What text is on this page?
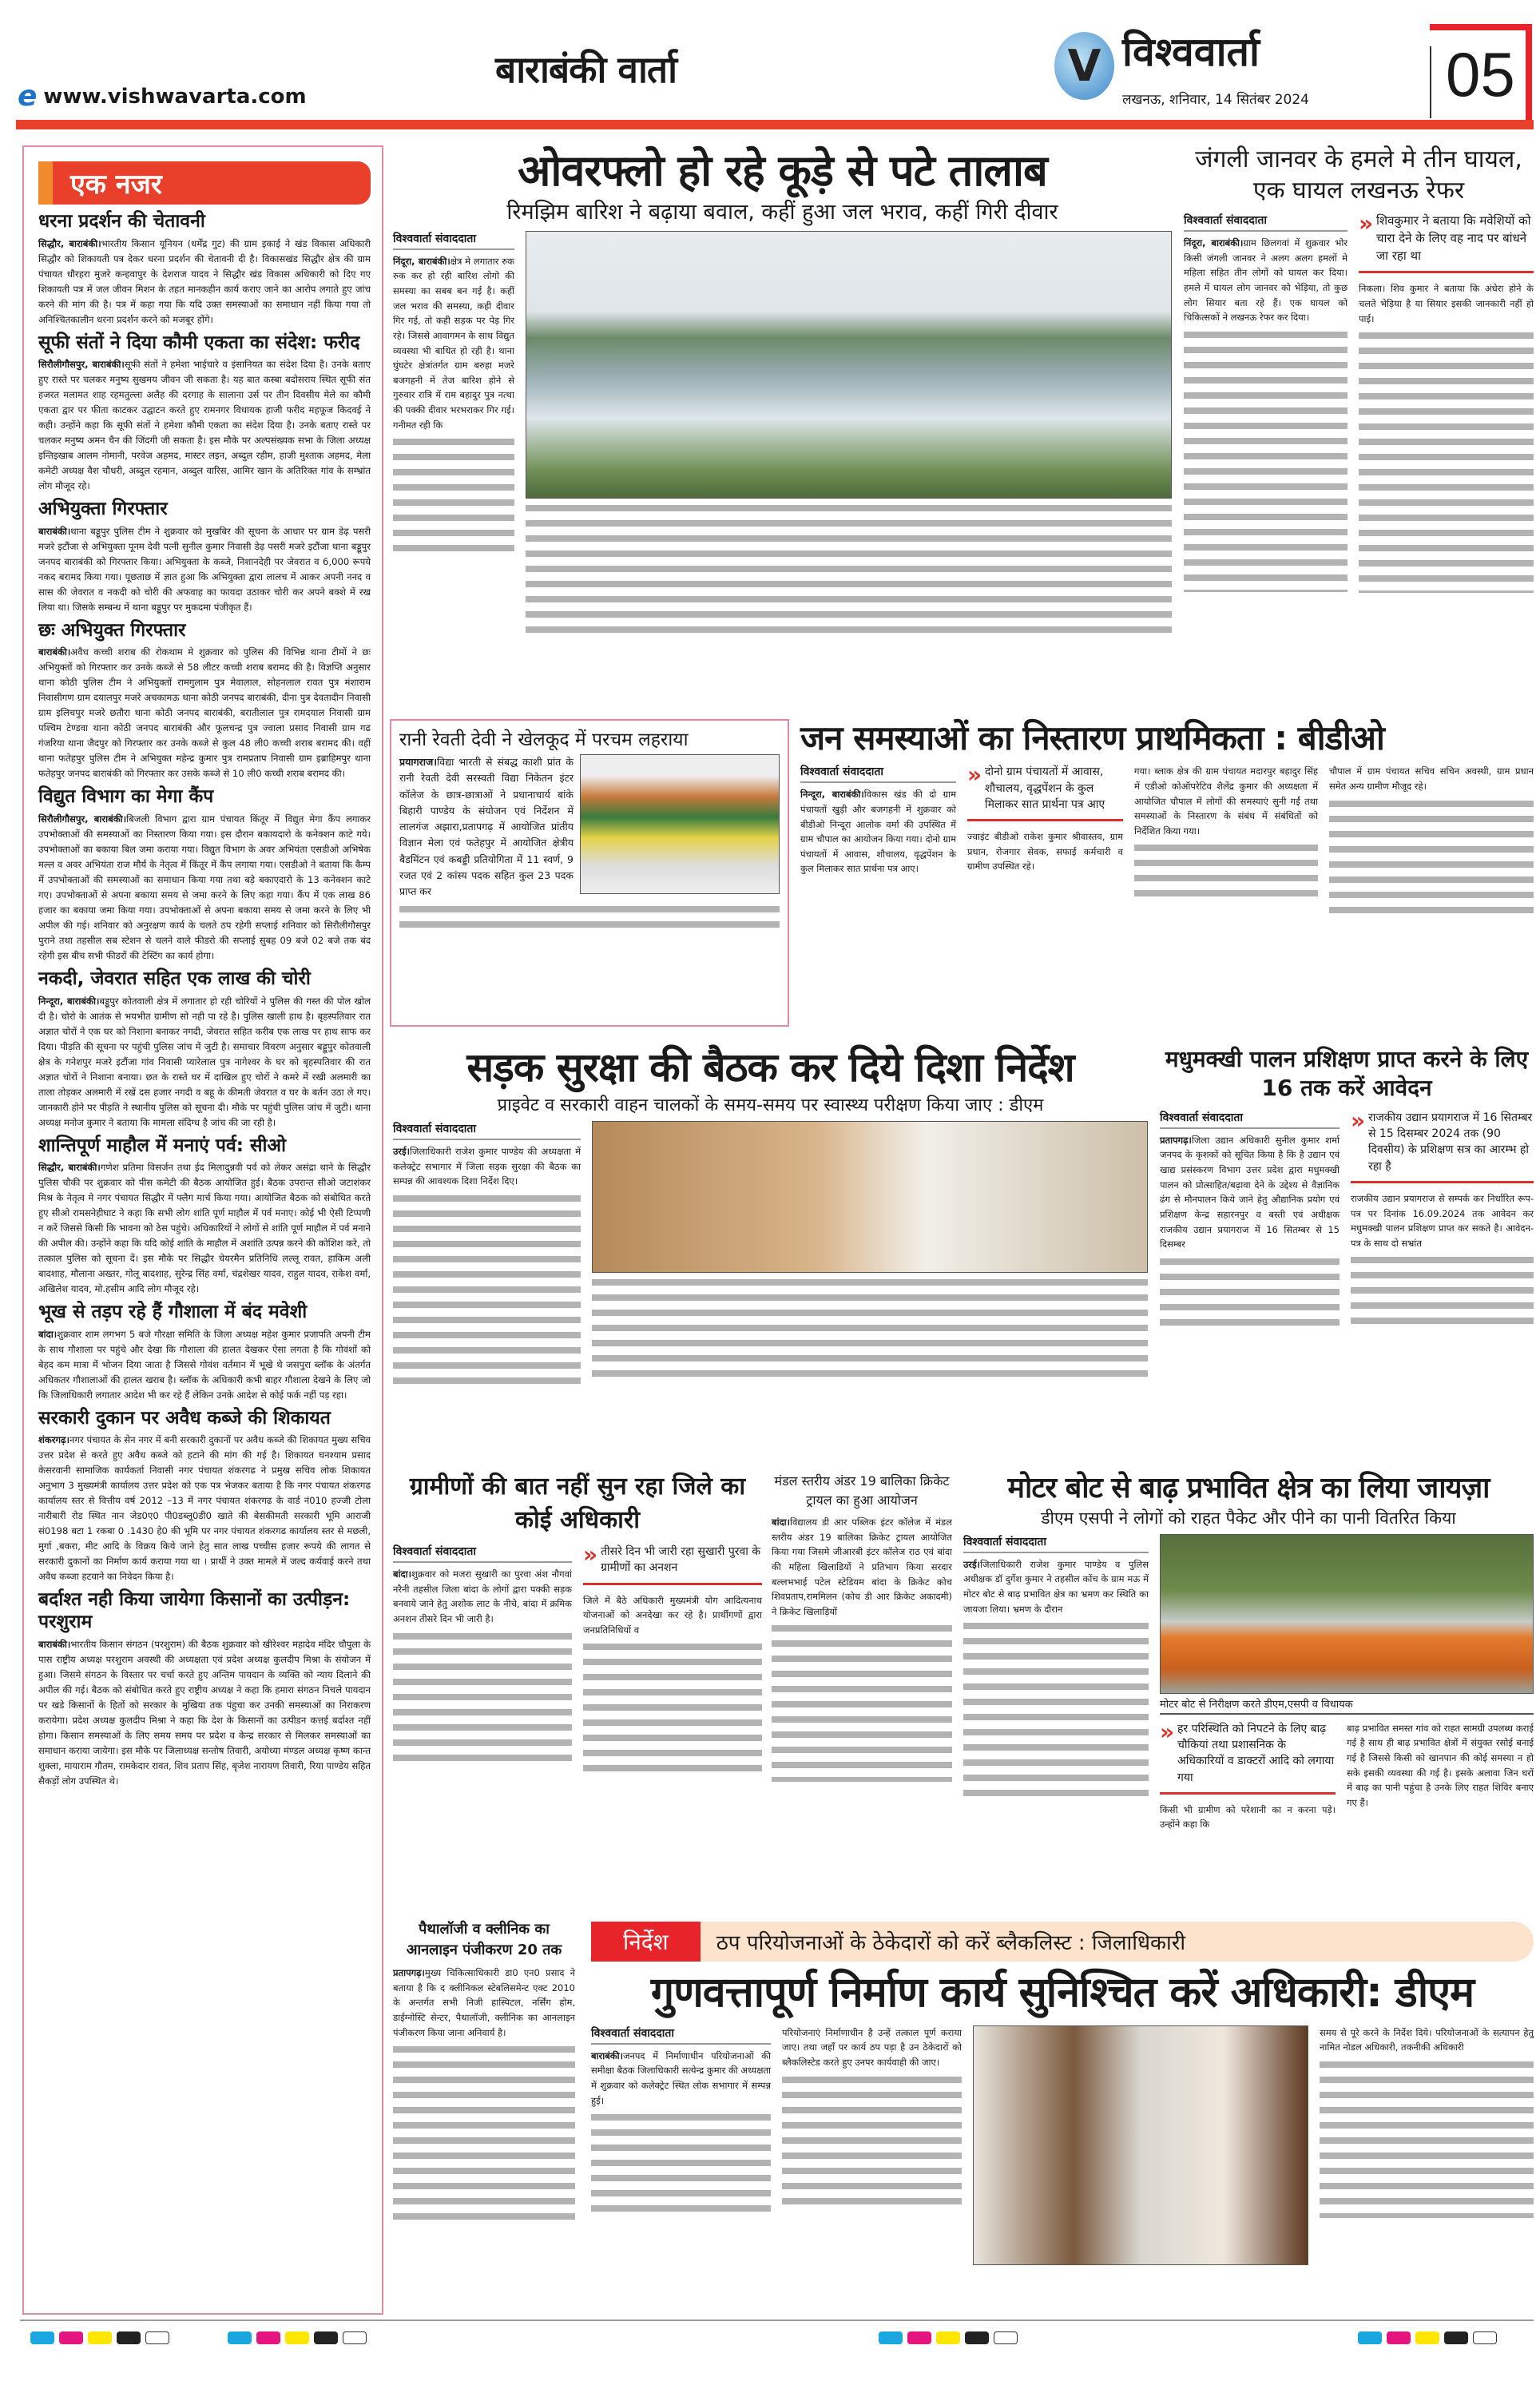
e www.vishwavarta.com
बाराबंकी वार्ता	V विश्ववार्ता
लखनऊ, शनिवार, 14 सितंबर 2024 05
एक नजर
धरना प्रदर्शन की चेतावनी
सिद्धौर, बाराबंकी।भारतीय किसान यूनियन (धर्मेंद्र गुट) की ग्राम इकाई ने खंड विकास अधिकारी सिद्धौर को शिकायती पत्र देकर धरना प्रदर्शन की चेतावनी दी है। विकासखंड सिद्धौर क्षेत्र की ग्राम पंचायत धौरहरा मुजरे कन्हवापुर के देशराज यादव ने सिद्धौर खंड विकास अधिकारी को दिए गए शिकायती पत्र में जल जीवन मिशन के तहत मानकहीन कार्य कराए जाने का आरोप लगाते हुए जांच करने की मांग की है। पत्र में कहा गया कि यदि उक्त समस्याओं का समाधान नहीं किया गया तो अनिश्चितकालीन धरना प्रदर्शन करने को मजबूर होंगे।
सूफी संतों ने दिया कौमी एकता का संदेश: फरीद
सिरौलीगौसपुर, बाराबंकी।सूफी संतों ने हमेशा भाईचारे व इंसानियत का संदेश दिया है। उनके बताए हुए रास्ते पर चलकर मनुष्य सुखमय जीवन जी सकता है। यह बात कस्बा बदोसराय स्थित सूफी संत हजरत मलामत शाह रहमतुल्ला अलैह की दरगाह के सालाना उर्स पर तीन दिवसीय मेले का कौमी एकता द्वार पर फीता काटकर उद्घाटन करते हुए रामनगर विधायक हाजी फरीद महफूज किदवई ने कही। उन्होंने कहा कि सूफी संतों ने हमेशा कौमी एकता का संदेश दिया है। उनके बताए रास्ते पर चलकर मनुष्य अमन चैन की जिंदगी जी सकता है। इस मौके पर अल्पसंख्यक सभा के जिला अध्यक्ष इन्तिइखाब आलम नोमानी, परवेज अहमद, मास्टर लइन, अब्दुल रहीम, हाजी मुश्ताक अहमद, मेला कमेटी अध्यक्ष वैश चौधरी, अब्दुल रहमान, अब्दुल वारिस, आमिर खान के अतिरिक्त गांव के सम्भ्रांत लोग मौजूद रहे।
अभियुक्ता गिरफ्तार
बाराबंकी।थाना बड्डूपुर पुलिस टीम ने शुक्रवार को मुखबिर की सूचना के आधार पर ग्राम डेढ़ पसरी मजरे इटौंजा से अभियुक्ता पूनम देवी पत्नी सुनील कुमार निवासी डेढ़ पसरी मजरे इटौंजा थाना बड्डूपुर जनपद बाराबंकी को गिरफ्तार किया। अभियुक्ता के कब्जे, निशानदेही पर जेवरात व 6,000 रूपये नकद बरामद किया गया। पूछताछ में ज्ञात हुआ कि अभियुक्ता द्वारा लालच में आकर अपनी ननद व सास की जेवरात व नकदी को चोरी की अफवाह का फायदा उठाकर चोरी कर अपने बक्शे में रख लिया था। जिसके सम्बन्ध में थाना बड्डूपुर पर मुकदमा पंजीकृत हैं।
छः अभियुक्त गिरफ्तार
बाराबंकी।अवैध कच्ची शराब की रोकथाम मे शुक्रवार को पुलिस की विभिन्न थाना टीमों ने छः अभियुक्तों को गिरफ्तार कर उनके कब्जे से 58 लीटर कच्ची शराब बरामद की है। विज्ञप्ति अनुसार थाना कोठी पुलिस टीम ने अभियुक्तों रामगुलाम पुत्र मेवालाल, सोहनलाल रावत पुत्र मंशाराम निवासीगण ग्राम दयालपुर मजरे अचकामऊ थाना कोठी जनपद बाराबंकी, दीना पुत्र देवतादीन निवासी ग्राम इलिचपुर मजरे छतौरा थाना कोठी जनपद बाराबंकी, बरातीलाल पुत्र रामदयाल निवासी ग्राम पश्चिम टेण्डवा थाना कोठी जनपद बाराबंकी और फूलचन्द्र पुत्र ज्वाला प्रसाद निवासी ग्राम गढ गंजरिया थाना जैदपुर को गिरफ्तार कर उनके कब्जे से कुल 48 ली0 कच्ची शराब बरामद की। वहीं थाना फतेहपुर पुलिस टीम ने अभियुक्त महेन्द्र कुमार पुत्र रामप्रताप निवासी ग्राम इब्राहिमपुर थाना फतेहपुर जनपद बाराबंकी को गिरफ्तार कर उसके कब्जे से 10 ली0 कच्ची शराब बरामद की।
विद्युत विभाग का मेगा कैंप
सिरौलीगौसपुर, बाराबंकी।बिजली विभाग द्वारा ग्राम पंचायत किंतूर में विद्युत मेगा कैंप लगाकर उपभोक्ताओं की समस्याओं का निस्तारण किया गया। इस दौरान बकायदारो के कनेक्शन काटे गये। उपभोक्ताओं का बकाया बिल जमा कराया गया। विद्युत विभाग के अवर अभियंता एसडीओ अभिषेक मल्ल व अवर अभियंता राज मौर्य के नेतृत्व में किंतूर में कैंप लगाया गया। एसडीओ ने बताया कि कैम्प में उपभोक्ताओं की समस्याओं का समाधान किया गया तथा बड़े बकाएदारो के 13 कनेक्शन काटे गए। उपभोक्ताओं से अपना बकाया समय से जमा करने के लिए कहा गया। कैंप में एक लाख 86 हजार का बकाया जमा किया गया। उपभोक्ताओं से अपना बकाया समय से जमा करने के लिए भी अपील की गई। शनिवार को अनुरक्षण कार्य के चलते ठप रहेगी सप्लाई शनिवार को सिरौलीगौसपुर पुराने तथा तहसील सब स्टेशन से चलने वाले फीडरो की सप्लाई सुबह 09 बजे 02 बजे तक बंद रहेगी इस बीच सभी फीडरों की टेस्टिंग का कार्य होगा।
नकदी, जेवरात सहित एक लाख की चोरी
निन्दूरा, बाराबंकी।बड्डूपुर कोतवाली क्षेत्र में लगातार हो रही चोरियों ने पुलिस की गस्त की पोल खोल दी है। चोरो के आतंक से भयभीत ग्रामीण सो नही पा रहे है। पुलिस खाली हाथ है। बृहस्पतिवार रात अज्ञात चोरों ने एक घर को निशाना बनाकर नगदी, जेवरात सहित करीब एक लाख पर हाथ साफ कर दिया। पीड़ति की सूचना पर पहुंची पुलिस जांच में जुटी है। समाचार विवरण अनुसार बड्डूपुर कोतवाली क्षेत्र के गनेशपुर मजरे इटौंजा गांव निवासी प्यारेलाल पुत्र नागेश्वर के घर को बृहस्पतिवार की रात अज्ञात चोरों ने निशाना बनाया। छत के रास्ते घर में दाखिल हुए चोरों ने कमरे में रखी अलमारी का ताला तोड़कर अलमारी में रखें दस हजार नगदी व बहू के कीमती जेवरात व घर के बर्तन उठा ले गए। जानकारी होने पर पीड़ति ने स्थानीय पुलिस को सूचना दी। मौके पर पहुंची पुलिस जांच में जुटी। थाना अध्यक्ष मनोज कुमार ने बताया कि मामला संदिग्ध है जांच की जा रही है।
शान्तिपूर्ण माहौल में मनाएं पर्व: सीओ
सिद्धौर, बाराबंकी।गणेश प्रतिमा विसर्जन तथा ईद मिलादुन्नवी पर्व को लेकर असंद्रा थाने के सिद्धौर पुलिस चौकी पर शुक्रवार को पीस कमेटी की बैठक आयोजित हुई। बैठक उपरान्त सीओ जटाशंकर मिश्र के नेतृत्व मे नगर पंचायत सिद्धौर में फ्लैग मार्च किया गया। आयोजित बैठक को संबोधित करते हुए सीओ रामसनेहीघाट ने कहा कि सभी लोग शांति पूर्ण माहौल में पर्व मनाए। कोई भी ऐसी टिप्पणी न करें जिससे किसी कि भावना को ठेस पहुंचे। अधिकारियों ने लोगों से शांति पूर्ण माहौल में पर्व मनाने की अपील की। उन्होंने कहा कि यदि कोई शांति के माहौल में अशांति उत्पन्न करने की कोशिश करे, तो तत्काल पुलिस को सूचना दें। इस मौके पर सिद्धौर चेयरमैन प्रतिनिधि लल्लू रावत, हाकिम अली बादशाह, मौलाना अख्तर, गोलू बादशाह, सुरेन्द्र सिंह वर्मा, चंद्रशेखर यादव, राहुल यादव, राकेश वर्मा, अखिलेश यादव, मो.हसीम आदि लोग मौजूद रहे।
भूख से तड़प रहे हैं गौशाला में बंद मवेशी
बांदा।शुक्रवार शाम लगभग 5 बजे गौरक्षा समिति के जिला अध्यक्ष महेश कुमार प्रजापति अपनी टीम के साथ गौशाला पर पहुंचे और देखा कि गौशाला की हालत देखकर ऐसा लगता है कि गोवंशों को बेहद कम मात्रा में भोजन दिया जाता है जिससे गोवंश वर्तमान में भूखे थे जसपुरा ब्लॉक के अंतर्गत अधिकतर गौशालाओं की हालत खराब है। ब्लॉक के अधिकारी कभी बाहर गौशाला देखने के लिए जो कि जिलाधिकारी लगातार आदेश भी कर रहे हैं लेकिन उनके आदेश से कोई फर्क नहीं पड़ रहा।
सरकारी दुकान पर अवैध कब्जे की शिकायत
शंकरगढ़।नगर पंचायत के सेन नगर में बनी सरकारी दुकानों पर अवैध कब्जे की शिकायत मुख्य सचिव उत्तर प्रदेश से करते हुए अवैध कब्जे को हटाने की मांग की गई है। शिकायत घनश्याम प्रसाद केसरवानी सामाजिक कार्यकर्ता निवासी नगर पंचायत शंकरगढ ने प्रमुख सचिव लोक शिकायत अनुभाग 3 मुख्यमंत्री कार्यालय उत्तर प्रदेश को एक पत्र भेजकर बताया है कि नगर पंचायत शंकरगढ कार्यालय स्तर से वित्तीय वर्ष 2012 –13 में नगर पंचायत शंकरगढ के वार्ड नं010 हज्जी टोला नारीबारी रोड स्थित नान जेड0ए0 पी0डब्लू0डी0 खाते की बेसकीमती सरकारी भूमि आराजी सं0198 बटा 1 रकबा 0 .1430 हे0 की भूमि पर नगर पंचायत शंकरगढ कार्यालय स्तर से मछली, मुर्गा ,बकरा, मीट आदि के विक्रय किये जाने हेतु सात लाख पच्चीस हजार रूपये की लागत से सरकारी दुकानों का निर्माण कार्य कराया गया था । प्रार्थी ने उक्त मामले में जल्द कर्यवाई करने तथा अवैध कब्जा हटवाने का निवेदन किया है।
बर्दाश्त नही किया जायेगा किसानों का उत्पीड़न: परशुराम
बाराबंकी।भारतीय किसान संगठन (परशुराम) की बैठक शुक्रवार को खीरेश्वर महादेव मंदिर चौपुला के पास राष्ट्रीय अध्यक्ष परशुराम अवस्थी की अध्यक्षता एवं प्रदेश अध्यक्ष कुलदीप मिश्रा के संयोजन में हुआ। जिसमे संगठन के विस्तार पर चर्चा करते हुए अन्तिम पायदान के व्यक्ति को न्याय दिलाने की अपील की गई। बैठक को संबोधित करते हुए राष्ट्रीय अध्यक्ष ने कहा कि हमारा संगठन निचले पायदान पर खडे किसानों के हितों को सरकार के मुखिया तक पंहुचा कर उनकी समस्याओं का निराकरण करायेगा। प्रदेश अध्यक्ष कुलदीप मिश्रा ने कहा कि देश के किसानों का उत्पीडन कत्तई बर्दाश्त नहीं होगा। किसान समस्याओं के लिए समय समय पर प्रदेश व केन्द्र सरकार से मिलकर समस्याओं का समाधान कराया जायेगा। इस मौके पर जिलाध्यक्ष सन्तोष तिवारी, अयोध्या मंण्डल अध्यक्ष कृष्ण कान्त शुक्ला, मायाराम गौतम, रामकेदार रावत, शिव प्रताप सिंह, बृजेश नारायण तिवारी, रिया पाण्डेय सहित सैकड़ों लोग उपस्थित थे।
ओवरफ्लो हो रहे कूड़े से पटे तालाब
रिमझिम बारिश ने बढ़ाया बवाल, कहीं हुआ जल भराव, कहीं गिरी दीवार
विश्ववार्ता संवाददाता
निंदूरा, बाराबंकी।क्षेत्र मे लगातार रुक रुक कर हो रही बारिश लोगो की समस्या का सबब बन गई है। कहीं जल भराव की समस्या, कही दीवार गिर गई, तो कही सड़क पर पेड़ गिर रहे। जिससे आवागमन के साथ विद्युत व्यवस्था भी बाधित हो रही है। थाना घुंघटेर क्षेत्रांतर्गत ग्राम बरुहा मजरे बजगहनी में तेज बारिश होने से गुरुवार रात्रि में राम बहादुर पुत्र नत्था की पक्की दीवार भरभराकर गिर गई। गनीमत रही कि
जंगली जानवर के हमले मे तीन घायल, एक घायल लखनऊ रेफर
विश्ववार्ता संवाददाता
निंदूरा, बाराबंकी।ग्राम छिलगवां में शुक्रवार भोर किसी जंगली जानवर ने अलग अलग हमलों मे महिला सहित तीन लोगों को घायल कर दिया। हमले में घायल लोग जानवर को भेड़िया, तो कुछ लोग सियार बता रहे हैं। एक घायल को चिकित्सकों ने लखनऊ रेफर कर दिया।
» शिवकुमार ने बताया कि मवेशियों को चारा देने के लिए वह नाद पर बांधने जा रहा था
निकला। शिव कुमार ने बताया कि अंधेरा होने के चलते भेड़िया है या सियार इसकी जानकारी नहीं हो पाई।
रानी रेवती देवी ने खेलकूद में परचम लहराया
प्रयागराज।विद्या भारती से संबद्ध काशी प्रांत के रानी रेवती देवी सरस्वती विद्या निकेतन इंटर कॉलेज के छात्र-छात्राओं ने प्रधानाचार्य बांके बिहारी पाण्डेय के संयोजन एवं निर्देशन में लालगंज अझारा,प्रतापगढ़ में आयोजित प्रांतीय विज्ञान मेला एवं फतेहपुर में आयोजित क्षेत्रीय बैडमिंटन एवं कबड्डी प्रतियोगिता में 11 स्वर्ण, 9 रजत एवं 2 कांस्य पदक सहित कुल 23 पदक प्राप्त कर
जन समस्याओं का निस्तारण प्राथमिकता : बीडीओ
विश्ववार्ता संवाददाता
निन्दूरा, बाराबंकी।विकास खंड की दो ग्राम पंचायतों खुड़ी और बजगहनी में शुक्रवार को बीडीओ निन्दूरा आलोक वर्मा की उपस्थित में ग्राम चौपाल का आयोजन किया गया। दोनो ग्राम पंचायतों में आवास, शौचालय, वृद्धपेंशन के कुल मिलाकर सात प्रार्थना पत्र आए।
» दोनो ग्राम पंचायतों में आवास, शौचालय, वृद्धपेंशन के कुल मिलाकर सात प्रार्थना पत्र आए
ज्वाइंट बीडीओ राकेश कुमार श्रीवास्तव, ग्राम प्रधान, रोजगार सेवक, सफाई कर्मचारी व ग्रामीण उपस्थित रहे।
गया। ब्लाक क्षेत्र की ग्राम पंचायत मदारपुर बहादुर सिंह में एडीओ कोऑपरेटिव शैलेंद्र कुमार की अध्यक्षता में आयोजित चौपाल में लोगों की समस्याएं सुनी गईं तथा समस्याओं के निस्तारण के संबंध में संबंधितों को निर्देशित किया गया।
चौपाल में ग्राम पंचायत सचिव सचिन अवस्थी, ग्राम प्रधान समेत अन्य ग्रामीण मौजूद रहे।
सड़क सुरक्षा की बैठक कर दिये दिशा निर्देश
प्राइवेट व सरकारी वाहन चालकों के समय-समय पर स्वास्थ्य परीक्षण किया जाए : डीएम
विश्ववार्ता संवाददाता
उरई।जिलाधिकारी राजेश कुमार पाण्डेय की अध्यक्षता में कलेक्ट्रेट सभागार में जिला सड़क सुरक्षा की बैठक का सम्पन्न की आवश्यक दिशा निर्देश दिए।
मधुमक्खी पालन प्रशिक्षण प्राप्त करने के लिए 16 तक करें आवेदन
विश्ववार्ता संवाददाता
प्रतापगढ़।जिला उद्यान अधिकारी सुनील कुमार शर्मा जनपद के कृशकों को सूचित किया है कि है उद्यान एवं खाद्य प्रसंस्करण विभाग उत्तर प्रदेश द्वारा मधुमक्खी पालन को प्रोत्साहित/बढ़ावा देने के उद्देश्य से वैज्ञानिक ढंग से मौनपालन किये जाने हेतु औद्यानिक प्रयोग एवं प्रशिक्षण केन्द्र सहारनपुर व बस्ती एवं अधीक्षक राजकीय उद्यान प्रयागराज में 16 सितम्बर से 15 दिसम्बर
» राजकीय उद्यान प्रयागराज में 16 सितम्बर से 15 दिसम्बर 2024 तक (90 दिवसीय) के प्रशिक्षण सत्र का आरम्भ हो रहा है
राजकीय उद्यान प्रयागराज से सम्पर्क कर निर्धारित रूप-पत्र पर दिनांक 16.09.2024 तक आवेदन कर मधुमक्खी पालन प्रशिक्षण प्राप्त कर सकते है। आवेदन-पत्र के साथ दो सभ्रांत
ग्रामीणों की बात नहीं सुन रहा जिले का कोई अधिकारी
विश्ववार्ता संवाददाता
बांदा।शुक्रवार को मजरा सुखारी का पुरवा अंश नौगवां नरैनी तहसील जिला बांदा के लोगों द्वारा पक्की सड़क बनवाये जाने हेतु अशोक लाट के नीचे, बांदा में क्रमिक अनशन तीसरे दिन भी जारी है।
» तीसरे दिन भी जारी रहा सुखारी पुरवा के ग्रामीणों का अनशन
जिले में बैठे अधिकारी मुख्यमंत्री योग आदित्यनाथ योजनाओं को अनदेखा कर रहे है। प्रार्थीगणों द्वारा जनप्रतिनिधियों व
मंडल स्तरीय अंडर 19 बालिका क्रिकेट ट्रायल का हुआ आयोजन
बांदा।विद्यालय डी आर पब्लिक इंटर कॉलेज में मंडल स्तरीय अंडर 19 बालिका क्रिकेट ट्रायल आयोजित किया गया जिसमे जीआरबी इंटर कॉलेज राठ एवं बांदा की महिला खिलाडियों ने प्रतिभाग किया सरदार बल्लभभाई पटेल स्टेडियम बांदा के क्रिकेट कोच शिवप्रताप,राममिलन (कोच डी आर क्रिकेट अकादमी) ने क्रिकेट खिलाड़ियों
मोटर बोट से बाढ़ प्रभावित क्षेत्र का लिया जायज़ा
डीएम एसपी ने लोगों को राहत पैकेट और पीने का पानी वितरित किया
विश्ववार्ता संवाददाता
उरई।जिलाधिकारी राजेश कुमार पाण्डेय व पुलिस अधीक्षक डॉ दुर्गेश कुमार ने तहसील कोंच के ग्राम मऊ में मोटर बोट से बाढ़ प्रभावित क्षेत्र का भ्रमण कर स्थिति का जायजा लिया। भ्रमण के दौरान
मोटर बोट से निरीक्षण करते डीएम,एसपी व विधायक
» हर परिस्थिति को निपटने के लिए बाढ़ चौकियां तथा प्रशासनिक के अधिकारियों व डाक्टरों आदि को लगाया गया
किसी भी ग्रामीण को परेशानी का न करना पड़े। उन्होंने कहा कि
बाढ़ प्रभावित समस्त गांव को राहत सामग्री उपलब्ध कराई गई है साथ ही बाढ़ प्रभावित क्षेत्रों में संयुक्त रसोई बनाई गई है जिससे किसी को खानपान की कोई समस्या न हो सके इसकी व्यवस्था की गई है। इसके अलावा जिन घरों में बाढ़ का पानी पहुंचा है उनके लिए राहत शिविर बनाए गए हैं।
पैथालॉजी व क्लीनिक का आनलाइन पंजीकरण 20 तक
प्रतापगढ़।मुख्य चिकित्साधिकारी डा0 एन0 प्रसाद ने बताया है कि द क्लीनिकल स्टेबलिसमेन्ट एक्ट 2010 के अन्तर्गत सभी निजी हास्पिटल, नर्सिंग होम, डाईग्नोस्टि सेन्टर, पैथालॉजी, क्लीनिक का आनलाइन पंजीकरण किया जाना अनिवार्य है।
निर्देश	ठप परियोजनाओं के ठेकेदारों को करें ब्लैकलिस्ट : जिलाधिकारी
गुणवत्तापूर्ण निर्माण कार्य सुनिश्चित करें अधिकारी: डीएम
विश्ववार्ता संवाददाता
बाराबंकी।जनपद में निर्माणाधीन परियोजनाओं की समीक्षा बैठक जिलाधिकारी सत्येन्द्र कुमार की अध्यक्षता में शुक्रवार को कलेक्ट्रेट स्थित लोक सभागार में सम्पन्न हुई।
परियोजनाएं निर्माणाधीन है उन्हें तत्काल पूर्ण कराया जाए। तथा जहाँ पर कार्य ठप पड़ा है उन ठेकेदारों को ब्लैकलिस्टेड करते हुए उनपर कार्यवाही की जाए।
समय से पूरे करने के निर्देश दिये। परियोजनाओं के सत्यापन हेतु नामित नोडल अधिकारी, तकनीकी अधिकारी
